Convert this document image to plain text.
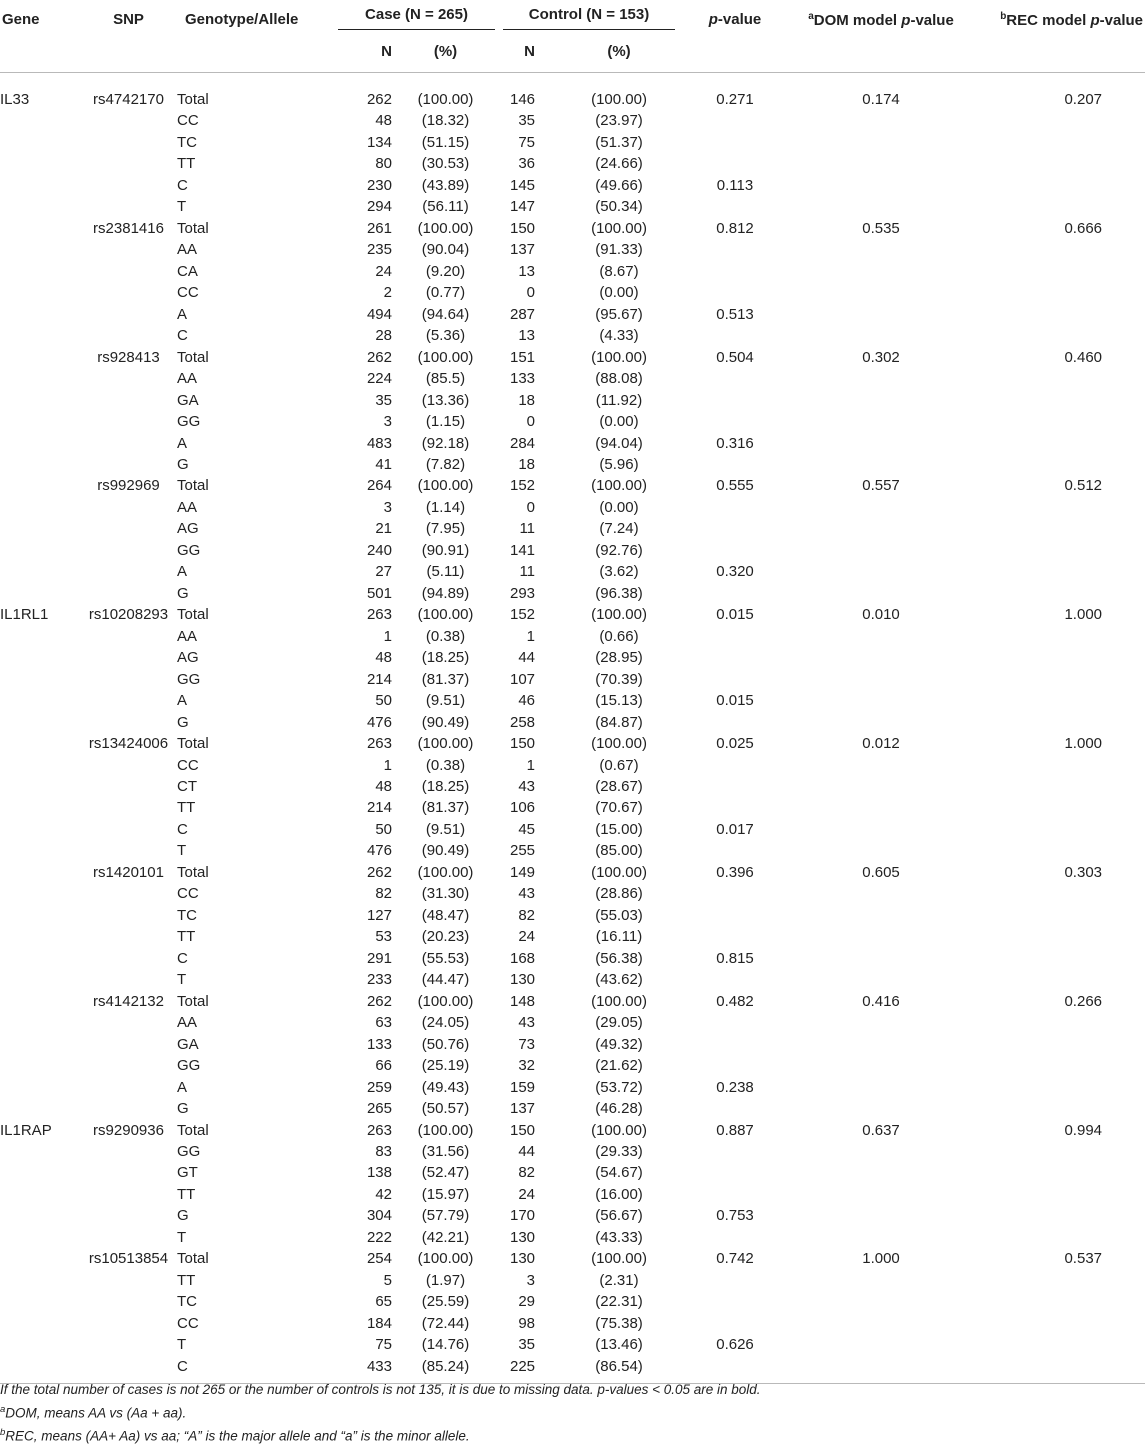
Gene	SNP	Genotype/Allele	Case (N = 265)		Control (N = 153)		p-value	$^a$DOM model p-value	$^b$REC model p-value
			N	(%)	N	(%)			

IL33	rs4742170	Total	262	(100.00)	146	(100.00)	0.271	0.174	0.207
		CC	48	(18.32)	35	(23.97)			
		TC	134	(51.15)	75	(51.37)			
		TT	80	(30.53)	36	(24.66)			
		C	230	(43.89)	145	(49.66)	0.113		
		T	294	(56.11)	147	(50.34)			
	rs2381416	Total	261	(100.00)	150	(100.00)	0.812	0.535	0.666
		AA	235	(90.04)	137	(91.33)			
		CA	24	(9.20)	13	(8.67)			
		CC	2	(0.77)	0	(0.00)			
		A	494	(94.64)	287	(95.67)	0.513		
		C	28	(5.36)	13	(4.33)			
	rs928413	Total	262	(100.00)	151	(100.00)	0.504	0.302	0.460
		AA	224	(85.5)	133	(88.08)			
		GA	35	(13.36)	18	(11.92)			
		GG	3	(1.15)	0	(0.00)			
		A	483	(92.18)	284	(94.04)	0.316		
		G	41	(7.82)	18	(5.96)			
	rs992969	Total	264	(100.00)	152	(100.00)	0.555	0.557	0.512
		AA	3	(1.14)	0	(0.00)			
		AG	21	(7.95)	11	(7.24)			
		GG	240	(90.91)	141	(92.76)			
		A	27	(5.11)	11	(3.62)	0.320		
		G	501	(94.89)	293	(96.38)			
IL1RL1	rs10208293	Total	263	(100.00)	152	(100.00)	0.015	0.010	1.000
		AA	1	(0.38)	1	(0.66)			
		AG	48	(18.25)	44	(28.95)			
		GG	214	(81.37)	107	(70.39)			
		A	50	(9.51)	46	(15.13)	0.015		
		G	476	(90.49)	258	(84.87)			
	rs13424006	Total	263	(100.00)	150	(100.00)	0.025	0.012	1.000
		CC	1	(0.38)	1	(0.67)			
		CT	48	(18.25)	43	(28.67)			
		TT	214	(81.37)	106	(70.67)			
		C	50	(9.51)	45	(15.00)	0.017		
		T	476	(90.49)	255	(85.00)			
	rs1420101	Total	262	(100.00)	149	(100.00)	0.396	0.605	0.303
		CC	82	(31.30)	43	(28.86)			
		TC	127	(48.47)	82	(55.03)			
		TT	53	(20.23)	24	(16.11)			
		C	291	(55.53)	168	(56.38)	0.815		
		T	233	(44.47)	130	(43.62)			
	rs4142132	Total	262	(100.00)	148	(100.00)	0.482	0.416	0.266
		AA	63	(24.05)	43	(29.05)			
		GA	133	(50.76)	73	(49.32)			
		GG	66	(25.19)	32	(21.62)			
		A	259	(49.43)	159	(53.72)	0.238		
		G	265	(50.57)	137	(46.28)			
IL1RAP	rs9290936	Total	263	(100.00)	150	(100.00)	0.887	0.637	0.994
		GG	83	(31.56)	44	(29.33)			
		GT	138	(52.47)	82	(54.67)			
		TT	42	(15.97)	24	(16.00)			
		G	304	(57.79)	170	(56.67)	0.753		
		T	222	(42.21)	130	(43.33)			
	rs10513854	Total	254	(100.00)	130	(100.00)	0.742	1.000	0.537
		TT	5	(1.97)	3	(2.31)			
		TC	65	(25.59)	29	(22.31)			
		CC	184	(72.44)	98	(75.38)			
		T	75	(14.76)	35	(13.46)	0.626		
		C	433	(85.24)	225	(86.54)			

If the total number of cases is not 265 or the number of controls is not 135, it is due to missing data. p-values < 0.05 are in bold.
$^a$DOM, means AA vs (Aa + aa).
$^b$REC, means (AA+ Aa) vs aa; “A” is the major allele and “a” is the minor allele.
